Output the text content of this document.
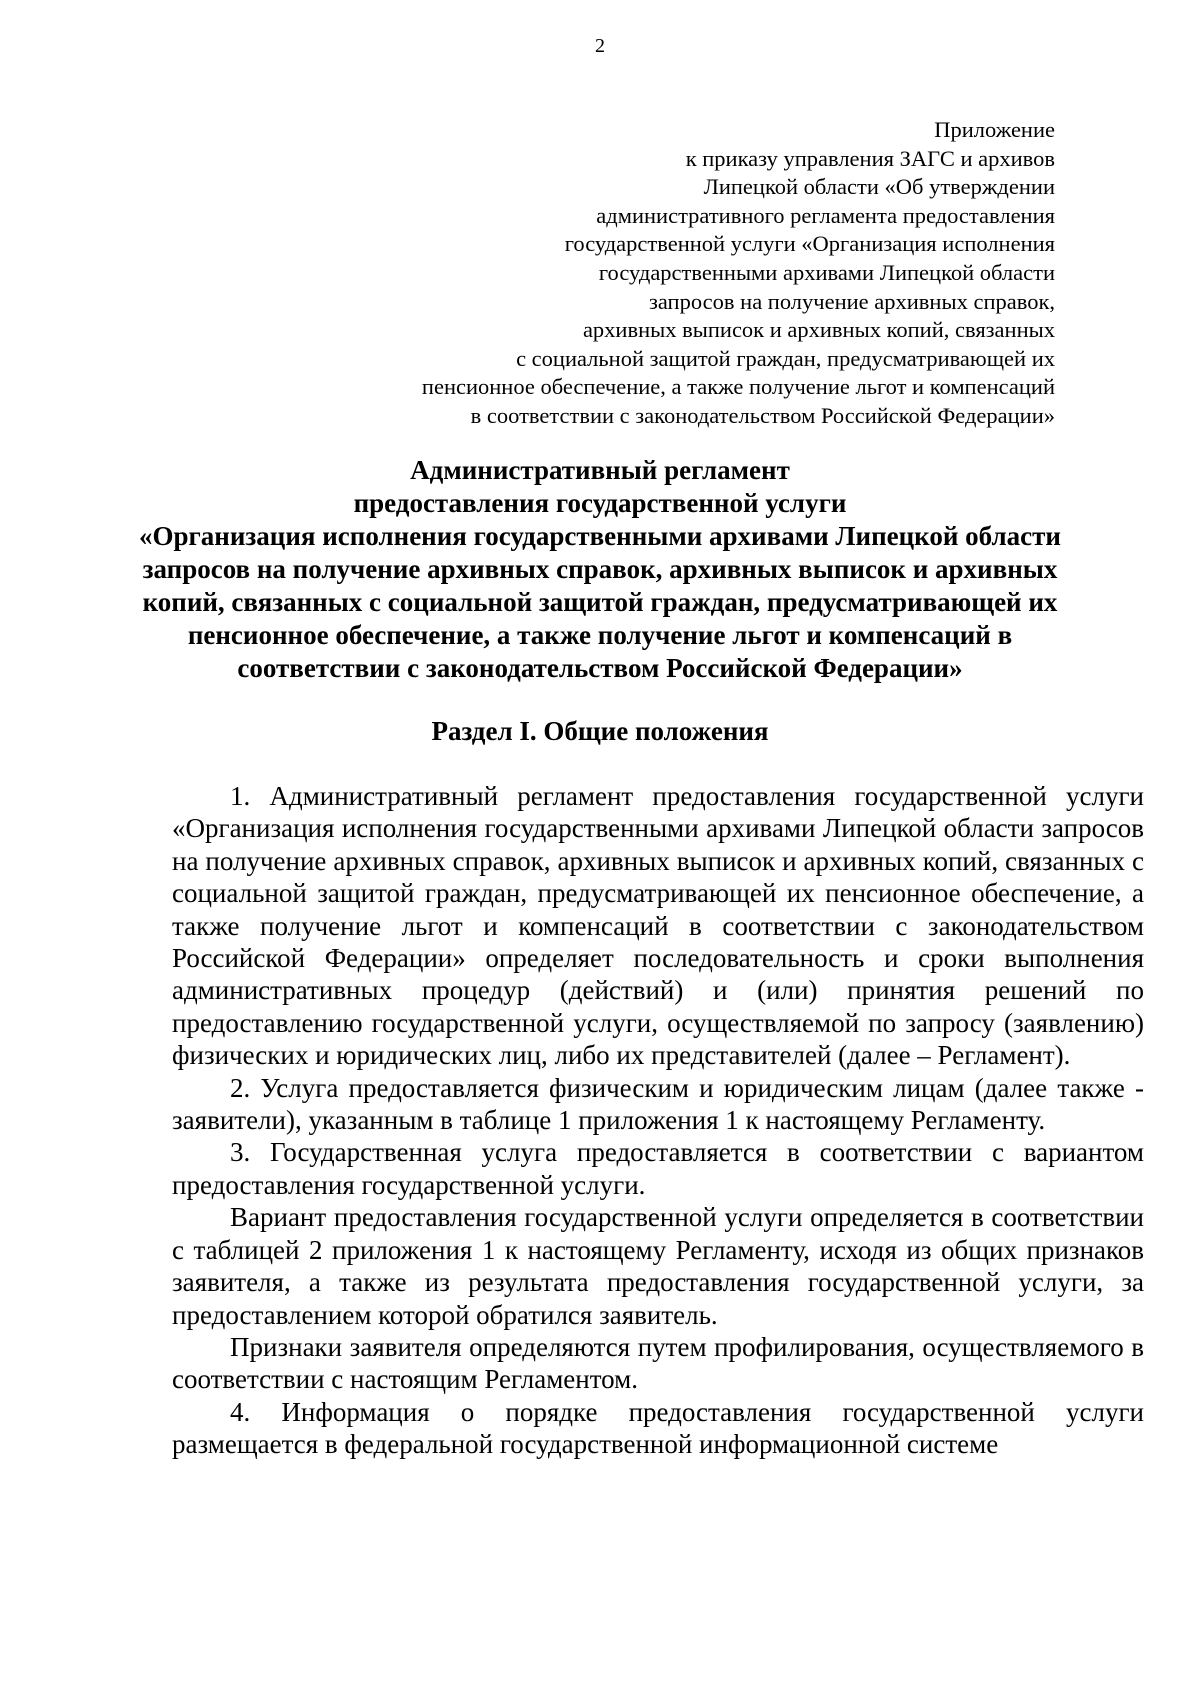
2
Приложение
к приказу управления ЗАГС и архивов
Липецкой области «Об утверждении
административного регламента предоставления
государственной услуги «Организация исполнения
государственными архивами Липецкой области
запросов на получение архивных справок,
архивных выписок и архивных копий, связанных
с социальной защитой граждан, предусматривающей их
пенсионное обеспечение, а также получение льгот и компенсаций
в соответствии с законодательством Российской Федерации»
Административный регламент
предоставления государственной услуги
«Организация исполнения государственными архивами Липецкой области
запросов на получение архивных справок, архивных выписок и архивных
копий, связанных с социальной защитой граждан, предусматривающей их
пенсионное обеспечение, а также получение льгот и компенсаций в
соответствии с законодательством Российской Федерации»
Раздел I. Общие положения

1. Административный регламент предоставления государственной услуги «Организация исполнения государственными архивами Липецкой области запросов на получение архивных справок, архивных выписок и архивных копий, связанных с социальной защитой граждан, предусматривающей их пенсионное обеспечение, а также получение льгот и компенсаций в соответствии с законодательством Российской Федерации» определяет последовательность и сроки выполнения административных процедур (действий) и (или) принятия решений по предоставлению государственной услуги, осуществляемой по запросу (заявлению) физических и юридических лиц, либо их представителей (далее – Регламент).

2. Услуга предоставляется физическим и юридическим лицам (далее также - заявители), указанным в таблице 1 приложения 1 к настоящему Регламенту.

3. Государственная услуга предоставляется в соответствии с вариантом предоставления государственной услуги.

Вариант предоставления государственной услуги определяется в соответствии с таблицей 2 приложения 1 к настоящему Регламенту, исходя из общих признаков заявителя, а также из результата предоставления государственной услуги, за предоставлением которой обратился заявитель.

Признаки заявителя определяются путем профилирования, осуществляемого в соответствии с настоящим Регламентом.

4. Информация о порядке предоставления государственной услуги размещается в федеральной государственной информационной системе
